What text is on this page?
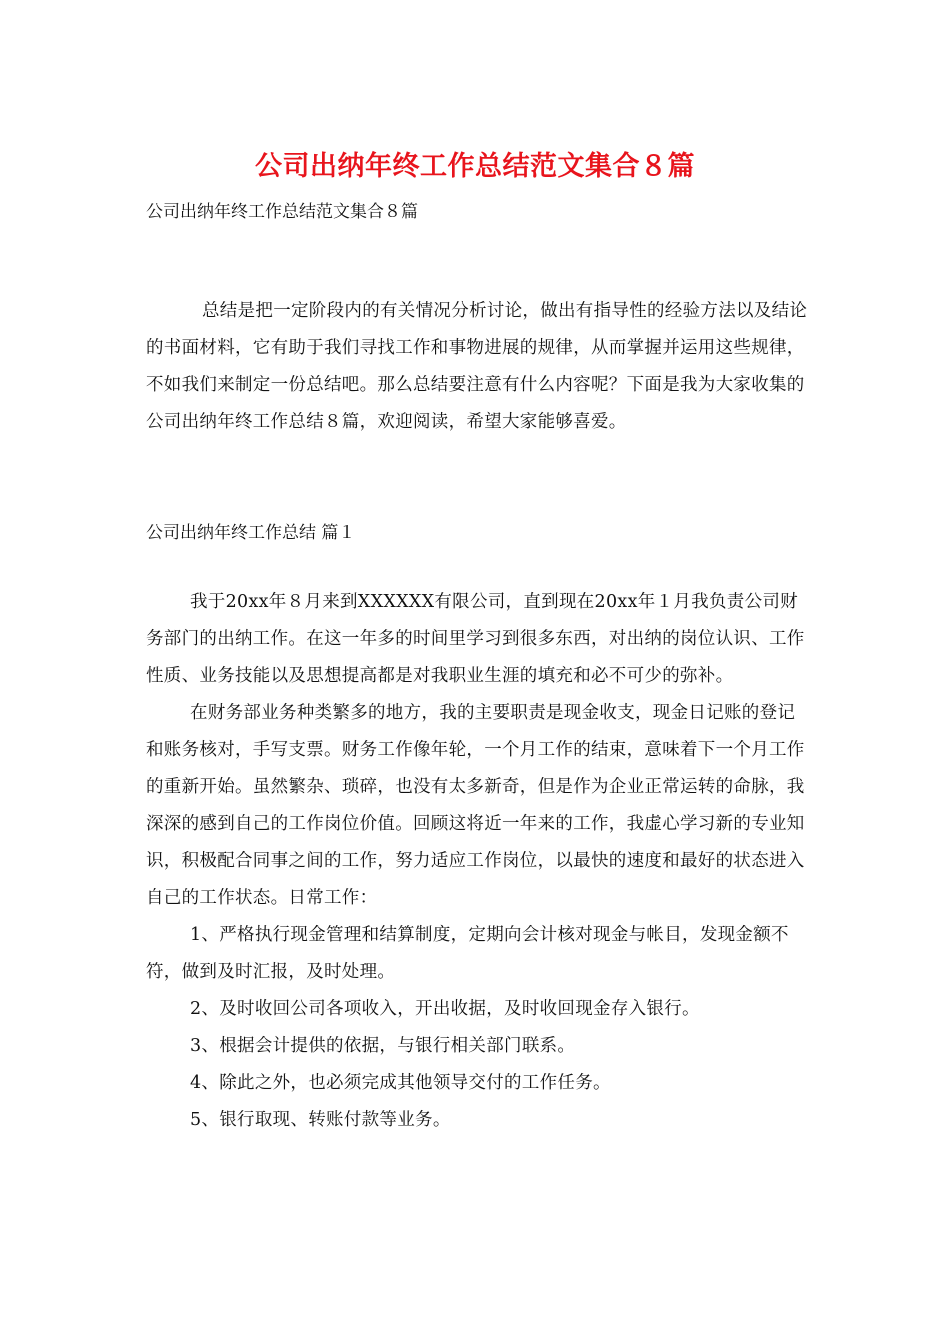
公司出纳年终工作总结范文集合８篇
公司出纳年终工作总结范文集合８篇

总结是把一定阶段内的有关情况分析讨论，做出有指导性的经验方法以及结论的书面材料，它有助于我们寻找工作和事物进展的规律，从而掌握并运用这些规律，不如我们来制定一份总结吧。那么总结要注意有什么内容呢？下面是我为大家收集的公司出纳年终工作总结８篇，欢迎阅读，希望大家能够喜爱。

公司出纳年终工作总结 篇１

我于20xx年８月来到XXXXXX有限公司，直到现在20xx年１月我负责公司财务部门的出纳工作。在这一年多的时间里学习到很多东西，对出纳的岗位认识、工作性质、业务技能以及思想提高都是对我职业生涯的填充和必不可少的弥补。

在财务部业务种类繁多的地方，我的主要职责是现金收支，现金日记账的登记和账务核对，手写支票。财务工作像年轮，一个月工作的结束，意味着下一个月工作的重新开始。虽然繁杂、琐碎，也没有太多新奇，但是作为企业正常运转的命脉，我深深的感到自己的工作岗位价值。回顾这将近一年来的工作，我虚心学习新的专业知识，积极配合同事之间的工作，努力适应工作岗位，以最快的速度和最好的状态进入自己的工作状态。日常工作：

1、严格执行现金管理和结算制度，定期向会计核对现金与帐目，发现金额不符，做到及时汇报，及时处理。

2、及时收回公司各项收入，开出收据，及时收回现金存入银行。

3、根据会计提供的依据，与银行相关部门联系。

4、除此之外，也必须完成其他领导交付的工作任务。

5、银行取现、转账付款等业务。
